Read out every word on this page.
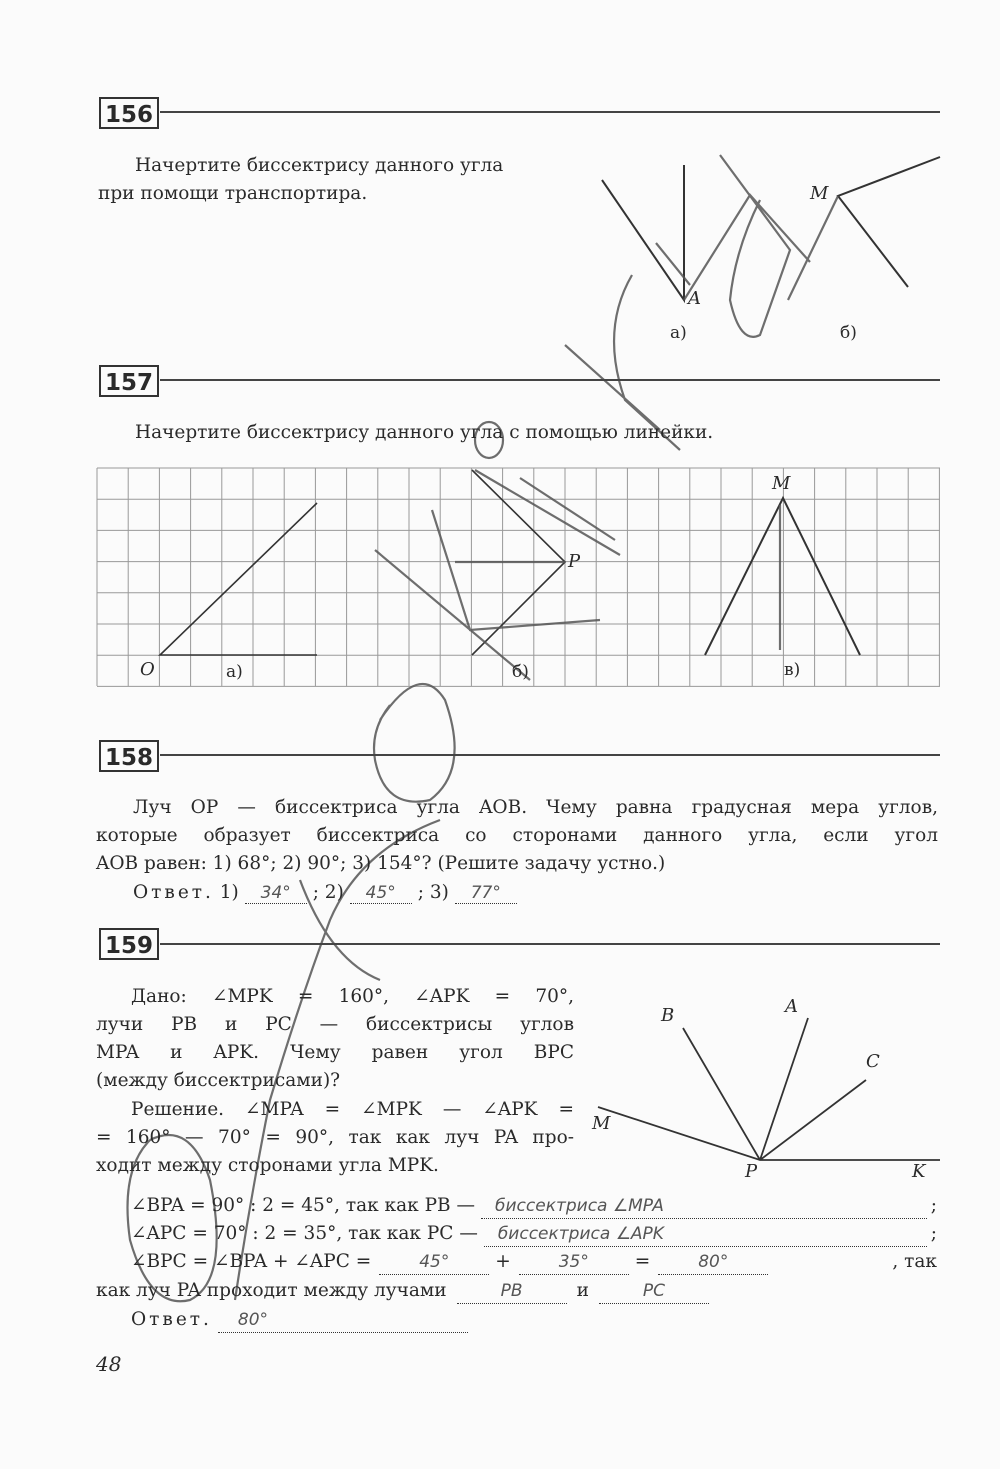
156
Начертите биссектрису данного угла
при помощи транспортира.
A
M
а)	б)
157
Начертите биссектрису данного угла с помощью линейки.
O
P
M
а)	б)	в)
158
Луч OP — биссектриса угла AOB. Чему равна градусная мера углов,
которые образует биссектриса со сторонами данного угла, если угол
AOB равен: 1) 68°; 2) 90°; 3) 154°? (Решите задачу устно.)
Ответ. 1) 34° ; 2) 45° ; 3) 77°
159
Дано: ∠MPK = 160°, ∠APK = 70°,
лучи PB и PC — биссектрисы углов
MPA и APK. Чему равен угол BPC
(между биссектрисами)?
Решение. ∠MPA = ∠MPK — ∠APK =
= 160° — 70° = 90°, так как луч PA про-
ходит между сторонами угла MPK.
B	A
C
M
P	K
∠BPA = 90° : 2 = 45°, так как PB —	биссектриса ∠MPA	;
∠APC = 70° : 2 = 35°, так как PC —	биссектриса ∠APK	;
∠BPC = ∠BPA + ∠APC =	45°	+	35°	=	80°	, так
как луч PA проходит между лучами	PB	и	PC
Ответ.	80°
48
